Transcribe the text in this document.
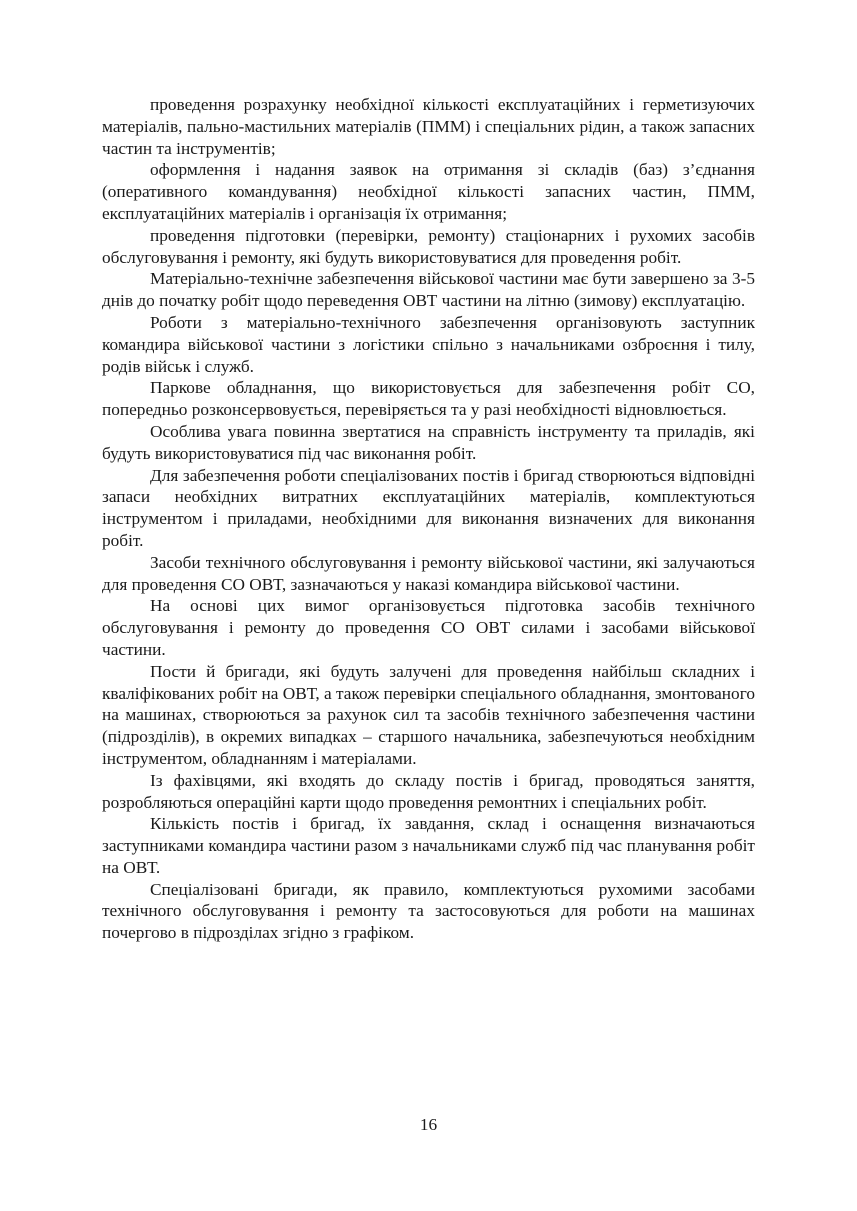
проведення розрахунку необхідної кількості експлуатаційних і герметизуючих матеріалів, пально-мастильних матеріалів (ПММ) і спеціальних рідин, а також запасних частин та інструментів;

оформлення і надання заявок на отримання зі складів (баз) з’єднання (оперативного командування) необхідної кількості запасних частин, ПММ, експлуатаційних матеріалів і організація їх отримання;

проведення підготовки (перевірки, ремонту) стаціонарних і рухомих засобів обслуговування і ремонту, які будуть використовуватися для проведення робіт.

Матеріально-технічне забезпечення військової частини має бути завершено за 3-5 днів до початку робіт щодо переведення ОВТ частини на літню (зимову) експлуатацію.

Роботи з матеріально-технічного забезпечення організовують заступник командира військової частини з логістики спільно з начальниками озброєння і тилу, родів військ і служб.

Паркове обладнання, що використовується для забезпечення робіт СО, попередньо розконсервовується, перевіряється та у разі необхідності відновлюється.

Особлива увага повинна звертатися на справність інструменту та приладів, які будуть використовуватися під час виконання робіт.

Для забезпечення роботи спеціалізованих постів і бригад створюються відповідні запаси необхідних витратних експлуатаційних матеріалів, комплектуються інструментом і приладами, необхідними для виконання визначених для виконання робіт.

Засоби технічного обслуговування і ремонту військової частини, які залучаються для проведення СО ОВТ, зазначаються у наказі командира військової частини.

На основі цих вимог організовується підготовка засобів технічного обслуговування і ремонту до проведення СО ОВТ силами і засобами військової частини.

Пости й бригади, які будуть залучені для проведення найбільш складних і кваліфікованих робіт на ОВТ, а також перевірки спеціального обладнання, змонтованого на машинах, створюються за рахунок сил та засобів технічного забезпечення частини (підрозділів), в окремих випадках – старшого начальника, забезпечуються необхідним інструментом, обладнанням і матеріалами.

Із фахівцями, які входять до складу постів і бригад, проводяться заняття, розробляються операційні карти щодо проведення ремонтних і спеціальних робіт.

Кількість постів і бригад, їх завдання, склад і оснащення визначаються заступниками командира частини разом з начальниками служб під час планування робіт на ОВТ.

Спеціалізовані бригади, як правило, комплектуються рухомими засобами технічного обслуговування і ремонту та застосовуються для роботи на машинах почергово в підрозділах згідно з графіком.

16
